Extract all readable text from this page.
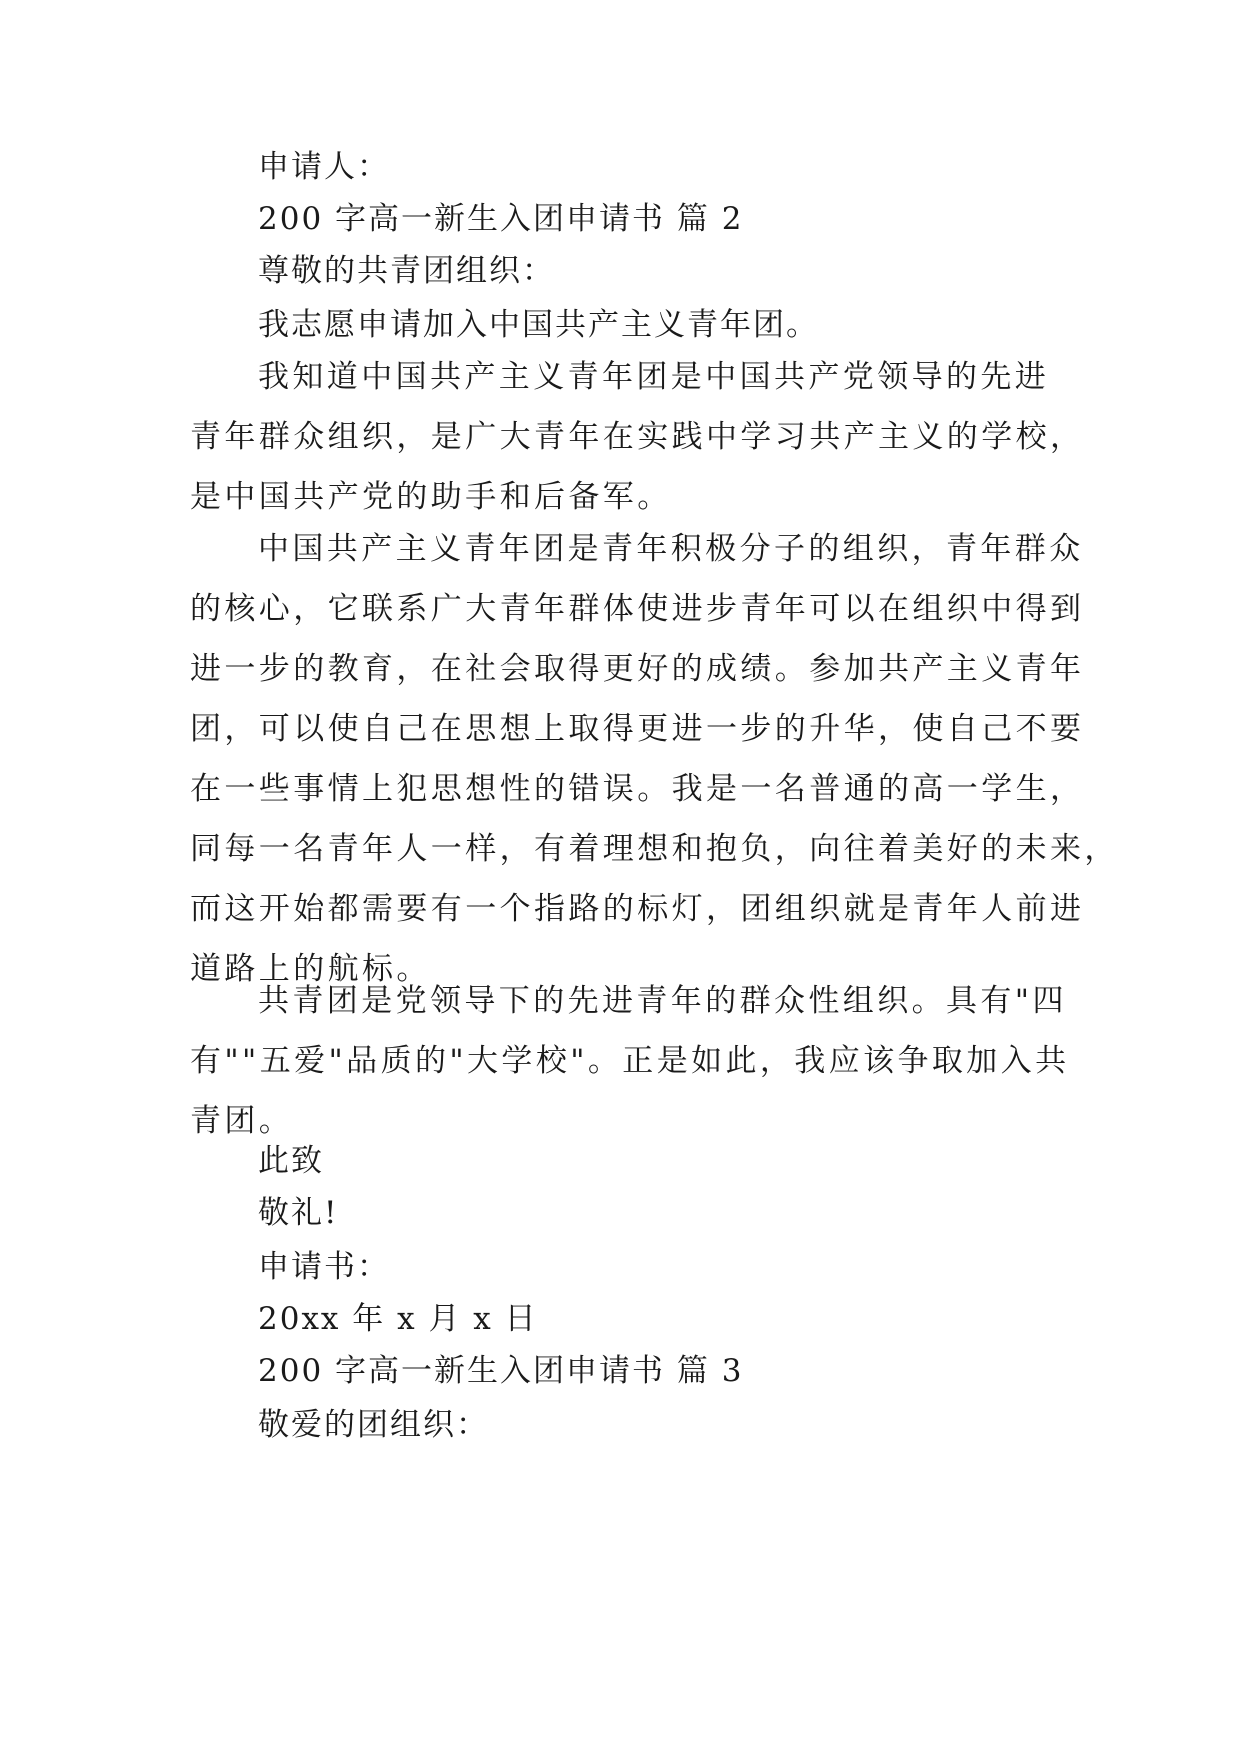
申请人：
200 字高一新生入团申请书 篇 2
尊敬的共青团组织：
我志愿申请加入中国共产主义青年团。
我知道中国共产主义青年团是中国共产党领导的先进
青年群众组织，是广大青年在实践中学习共产主义的学校，
是中国共产党的助手和后备军。
中国共产主义青年团是青年积极分子的组织，青年群众
的核心，它联系广大青年群体使进步青年可以在组织中得到
进一步的教育，在社会取得更好的成绩。参加共产主义青年
团，可以使自己在思想上取得更进一步的升华，使自己不要
在一些事情上犯思想性的错误。我是一名普通的高一学生，
同每一名青年人一样，有着理想和抱负，向往着美好的未来，
而这开始都需要有一个指路的标灯，团组织就是青年人前进
道路上的航标。
共青团是党领导下的先进青年的群众性组织。具有"四
有""五爱"品质的"大学校"。正是如此，我应该争取加入共
青团。
此致
敬礼!
申请书：
20xx 年 x 月 x 日
200 字高一新生入团申请书 篇 3
敬爱的团组织：
